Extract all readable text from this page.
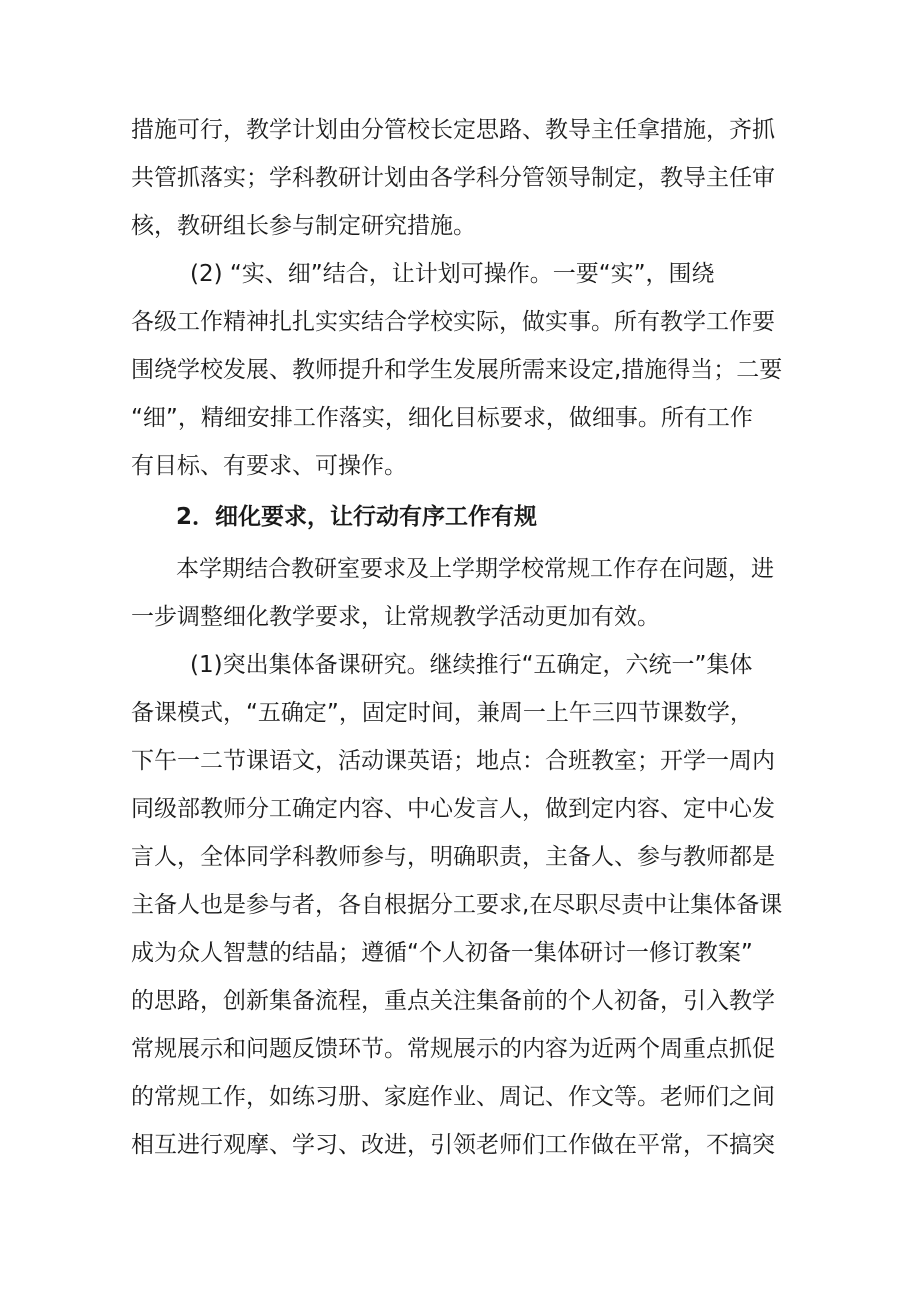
措施可行，教学计划由分管校长定思路、教导主任拿措施，齐抓
共管抓落实；学科教研计划由各学科分管领导制定，教导主任审
核，教研组长参与制定研究措施。
(2) “实、细”结合，让计划可操作。一要“实”，围绕
各级工作精神扎扎实实结合学校实际，做实事。所有教学工作要
围绕学校发展、教师提升和学生发展所需来设定,措施得当；二要
“细”，精细安排工作落实，细化目标要求，做细事。所有工作
有目标、有要求、可操作。
2．细化要求，让行动有序工作有规
本学期结合教研室要求及上学期学校常规工作存在问题，进
一步调整细化教学要求，让常规教学活动更加有效。
(1)突出集体备课研究。继续推行“五确定，六统一”集体
备课模式，“五确定”，固定时间，兼周一上午三四节课数学，
下午一二节课语文，活动课英语；地点：合班教室；开学一周内
同级部教师分工确定内容、中心发言人，做到定内容、定中心发
言人，全体同学科教师参与，明确职责，主备人、参与教师都是
主备人也是参与者，各自根据分工要求,在尽职尽责中让集体备课
成为众人智慧的结晶；遵循“个人初备一集体研讨一修订教案”
的思路，创新集备流程，重点关注集备前的个人初备，引入教学
常规展示和问题反馈环节。常规展示的内容为近两个周重点抓促
的常规工作，如练习册、家庭作业、周记、作文等。老师们之间
相互进行观摩、学习、改进，引领老师们工作做在平常，不搞突
